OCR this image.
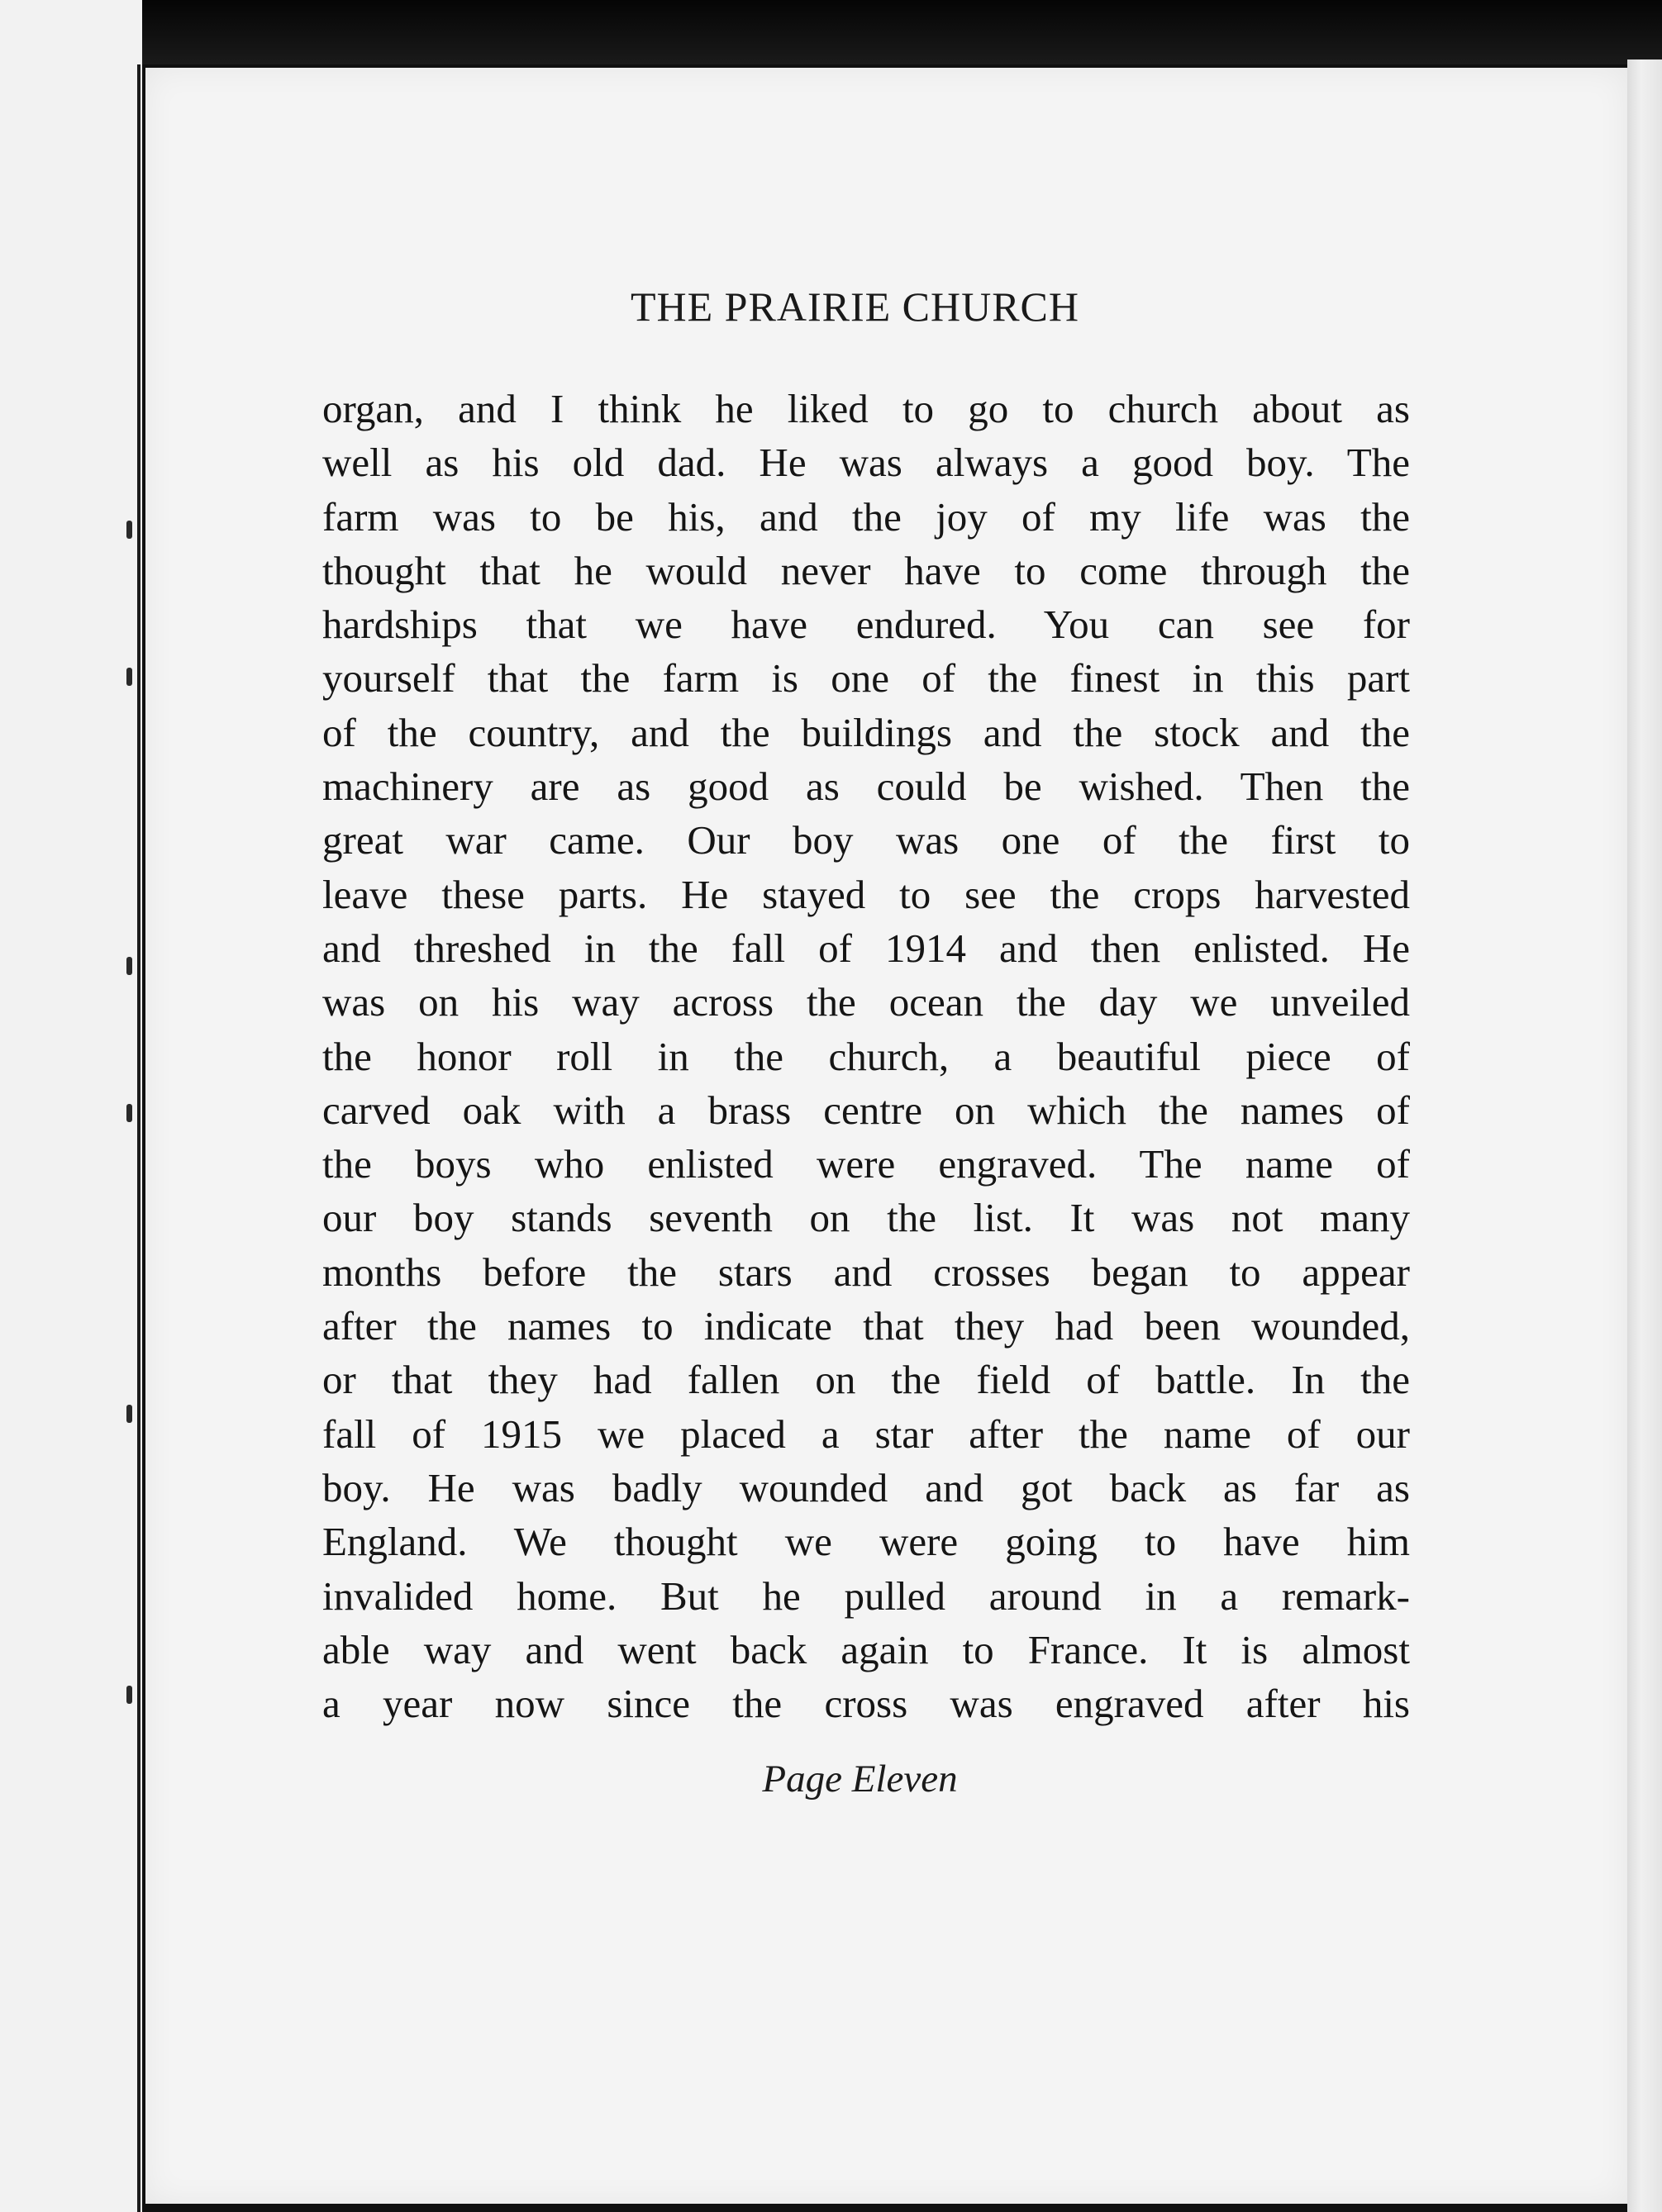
THE PRAIRIE CHURCH
organ, and I think he liked to go to church about as
well as his old dad. He was always a good boy. The
farm was to be his, and the joy of my life was the
thought that he would never have to come through the
hardships that we have endured. You can see for
yourself that the farm is one of the finest in this part
of the country, and the buildings and the stock and the
machinery are as good as could be wished. Then the
great war came. Our boy was one of the first to
leave these parts. He stayed to see the crops harvested
and threshed in the fall of 1914 and then enlisted. He
was on his way across the ocean the day we unveiled
the honor roll in the church, a beautiful piece of
carved oak with a brass centre on which the names of
the boys who enlisted were engraved. The name of
our boy stands seventh on the list. It was not many
months before the stars and crosses began to appear
after the names to indicate that they had been wounded,
or that they had fallen on the field of battle. In the
fall of 1915 we placed a star after the name of our
boy. He was badly wounded and got back as far as
England. We thought we were going to have him
invalided home. But he pulled around in a remark-
able way and went back again to France. It is almost
a year now since the cross was engraved after his
Page Eleven
